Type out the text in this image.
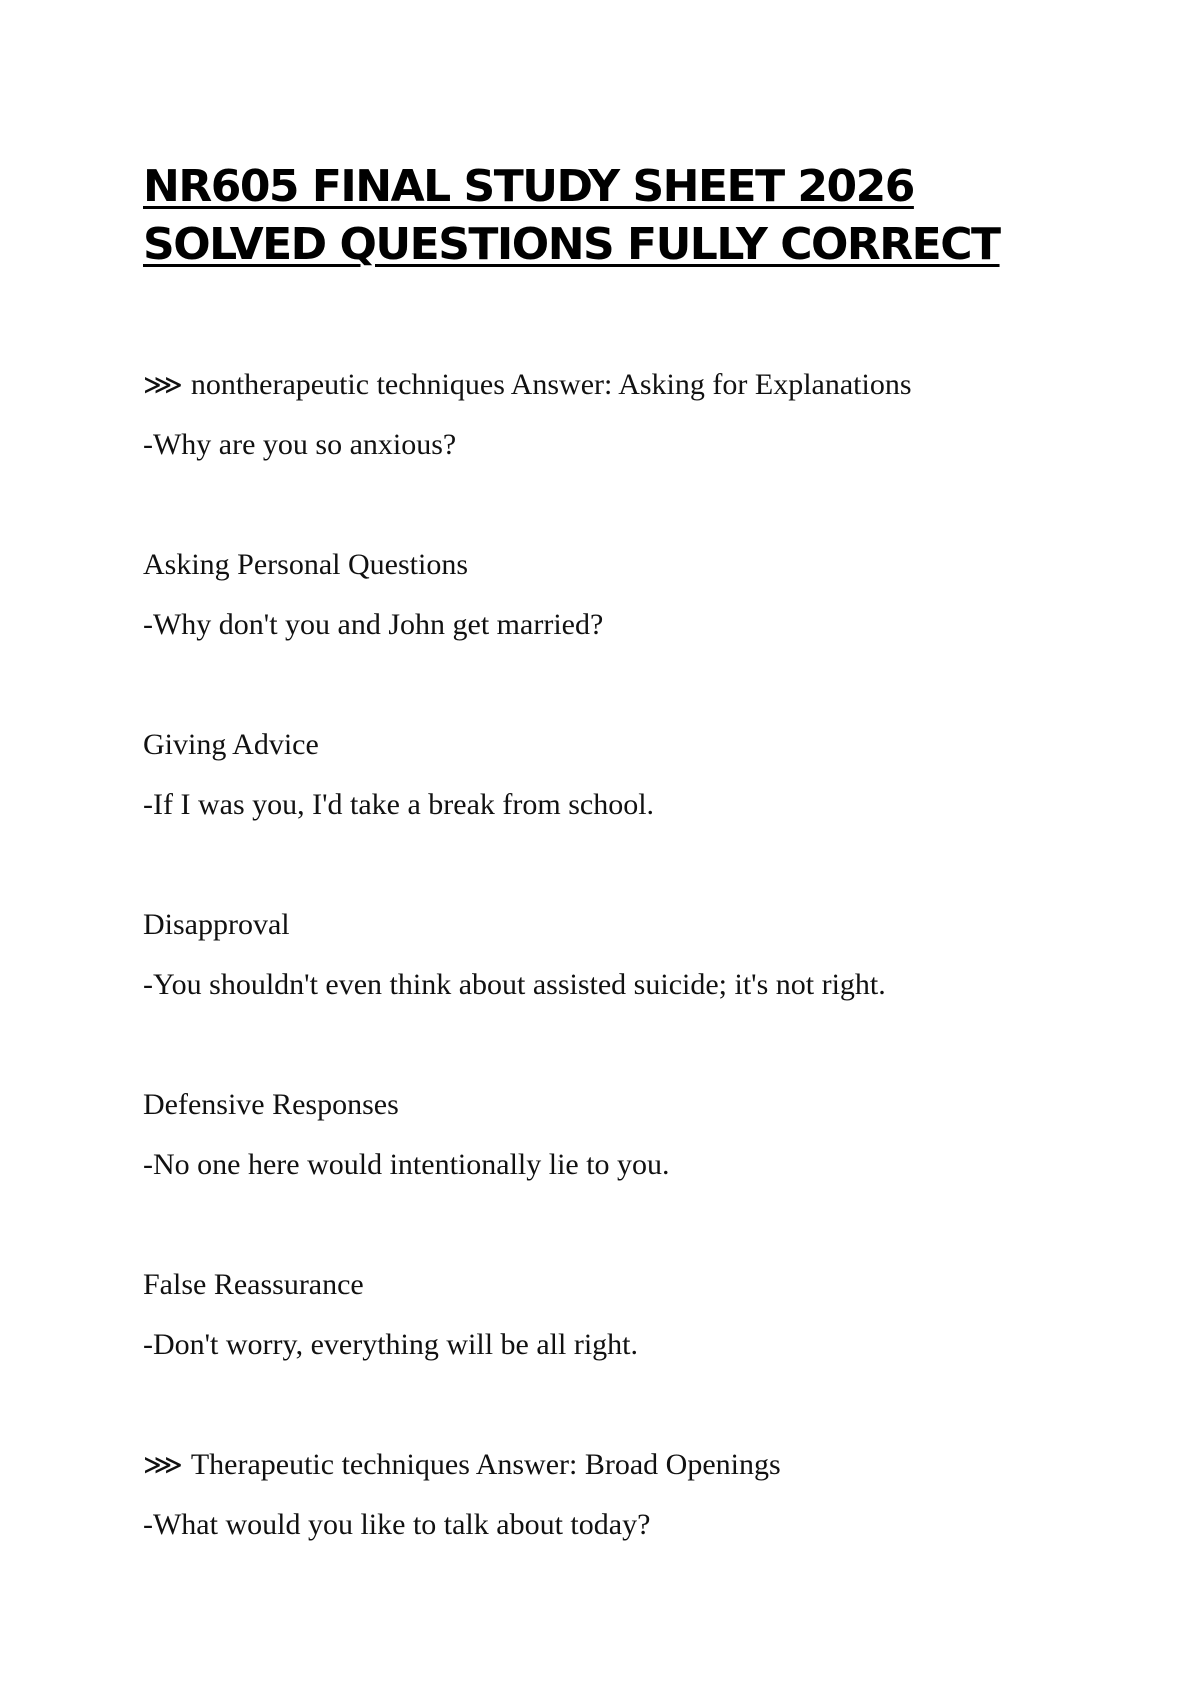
NR605 FINAL STUDY SHEET 2026 SOLVED QUESTIONS FULLY CORRECT
⋙ nontherapeutic techniques Answer: Asking for Explanations
-Why are you so anxious?
Asking Personal Questions
-Why don't you and John get married?
Giving Advice
-If I was you, I'd take a break from school.
Disapproval
-You shouldn't even think about assisted suicide; it's not right.
Defensive Responses
-No one here would intentionally lie to you.
False Reassurance
-Don't worry, everything will be all right.
⋙ Therapeutic techniques Answer: Broad Openings
-What would you like to talk about today?
